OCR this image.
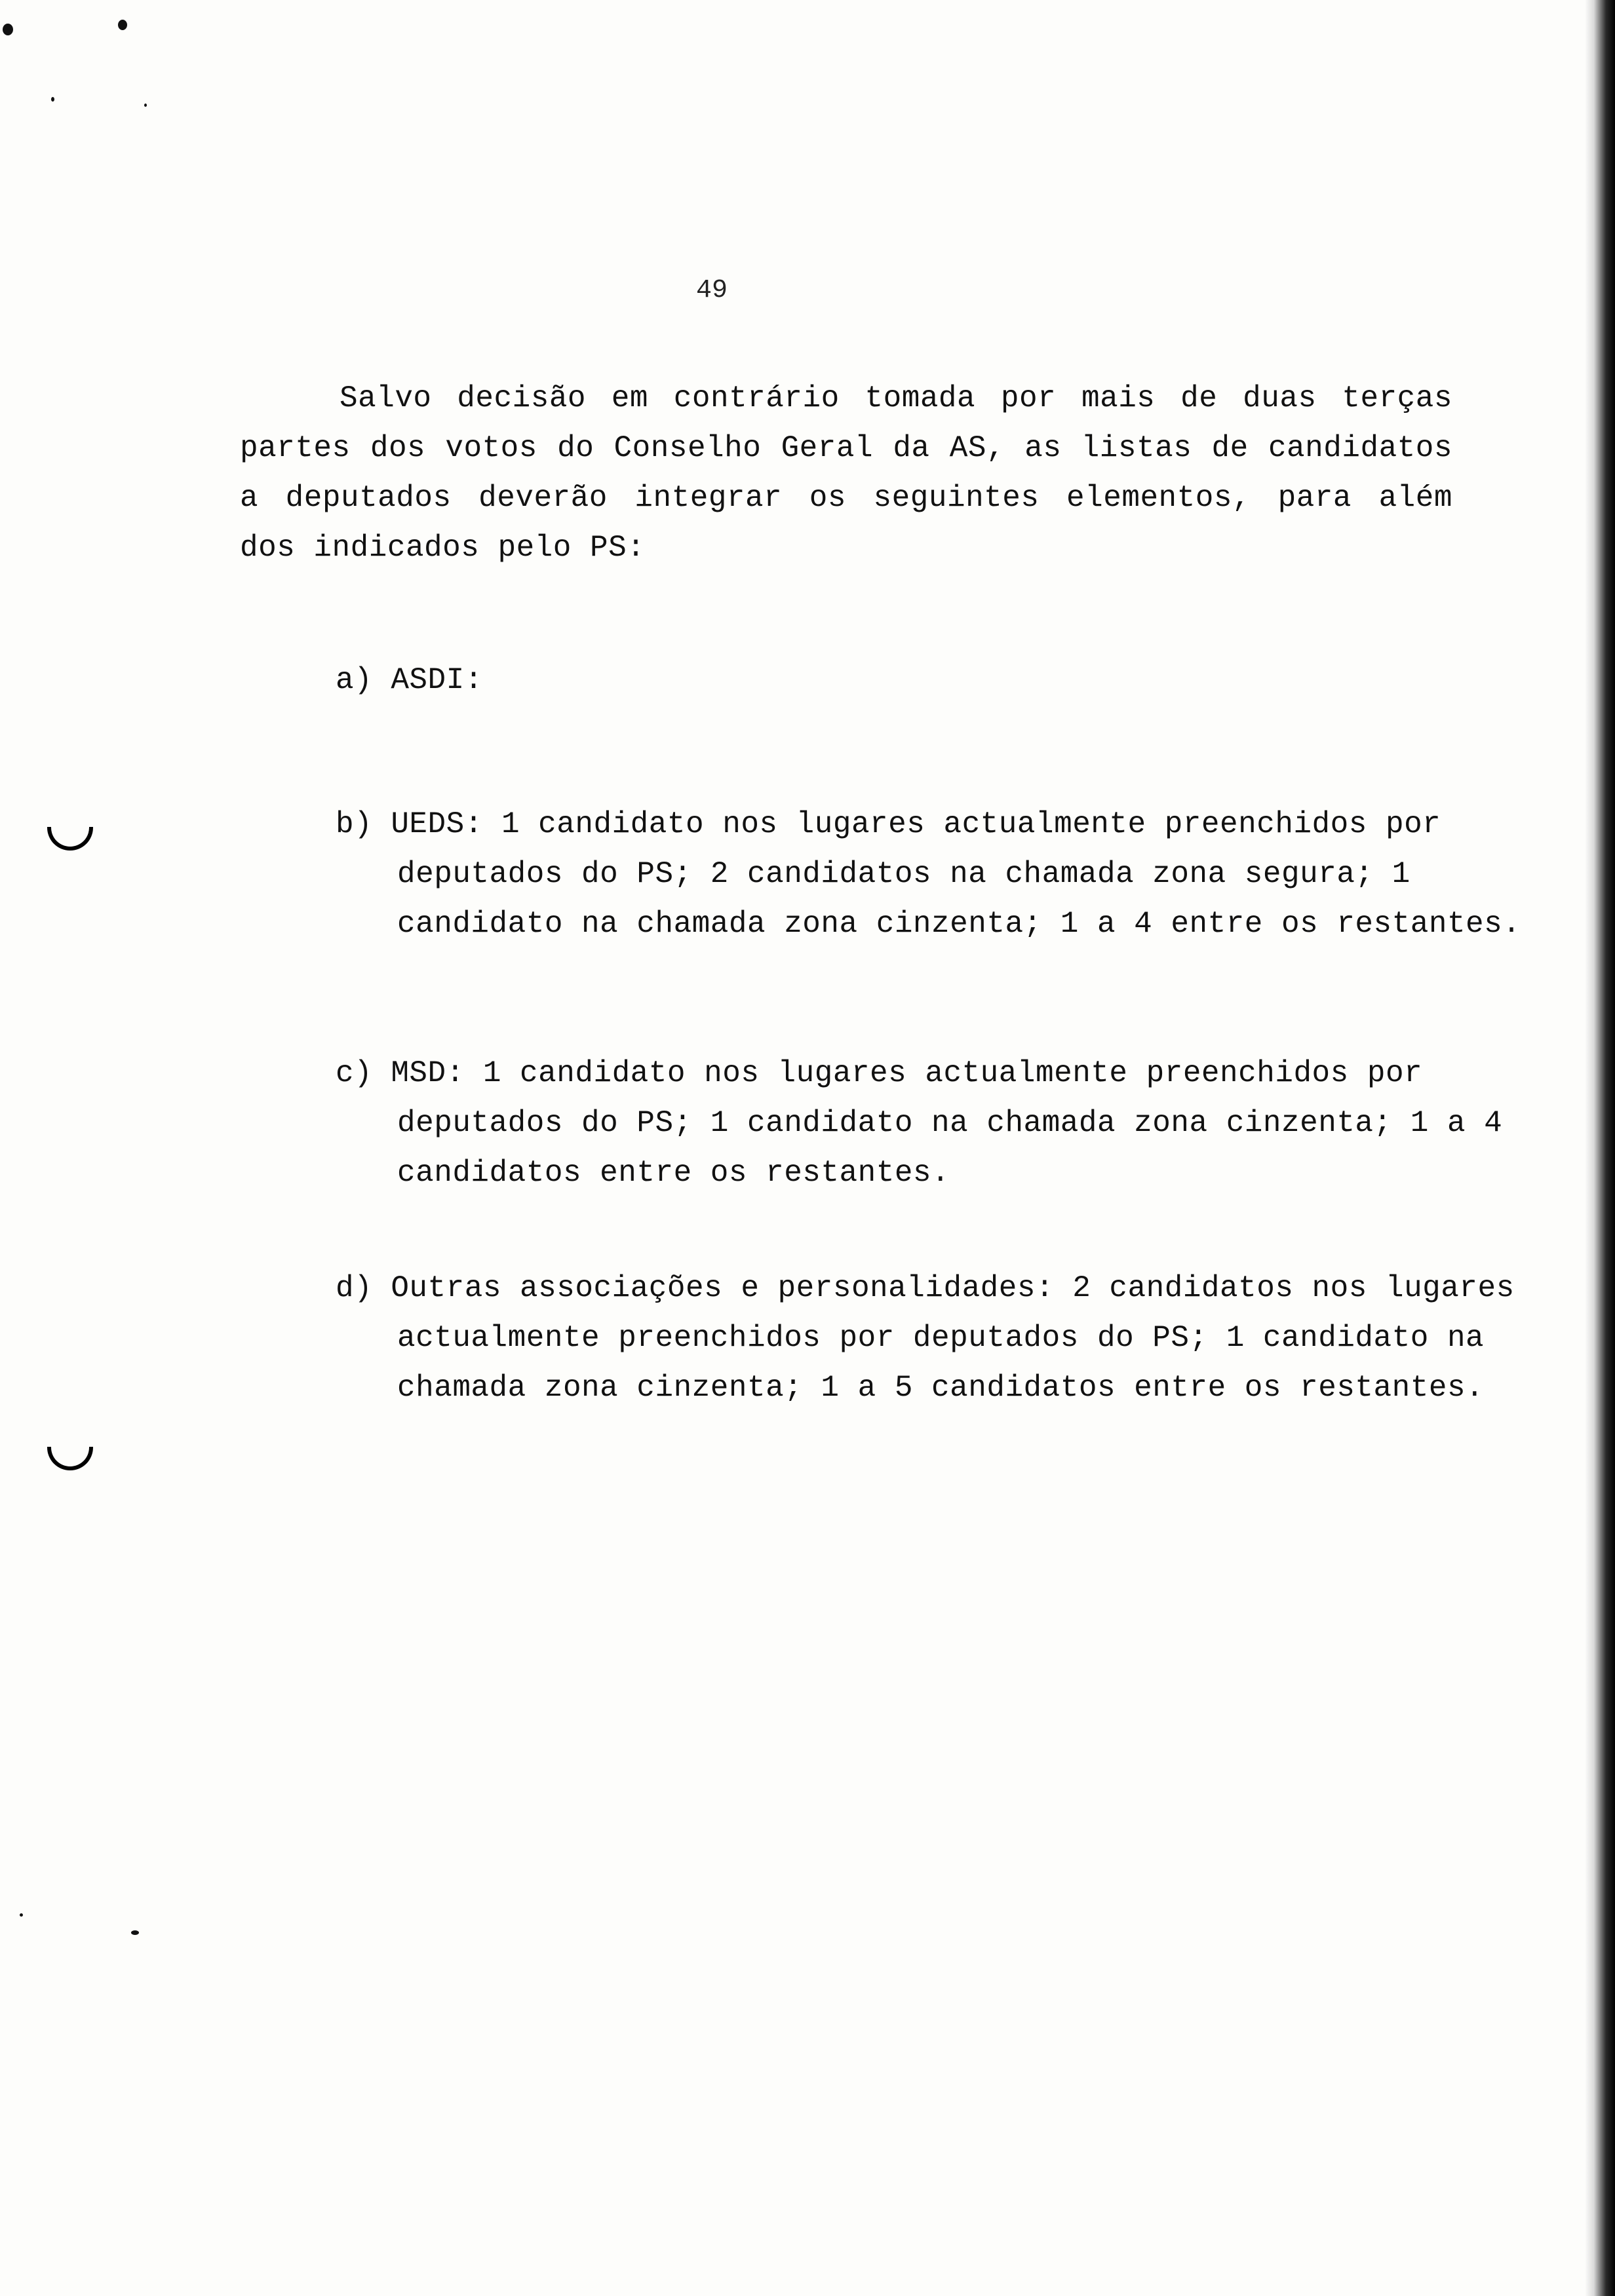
49

Salvo decisão em contrário tomada por mais de duas terças partes dos votos do Conselho Geral da AS, as listas de candidatos a deputados deverão integrar os seguintes elementos, para além dos indicados pelo PS:

a) ASDI:

b) UEDS: 1 candidato nos lugares actualmente preenchidos por deputados do PS; 2 candidatos na chamada zona segura; 1 candidato na chamada zona cinzenta; 1 a 4 entre os restantes.

c) MSD: 1 candidato nos lugares actualmente preenchidos por deputados do PS; 1 candidato na chamada zona cinzenta; 1 a 4 candidatos entre os restantes.

d) Outras associações e personalidades: 2 candidatos nos lugares actualmente preenchidos por deputados do PS; 1 candidato na chamada zona cinzenta; 1 a 5 candidatos entre os restantes.
